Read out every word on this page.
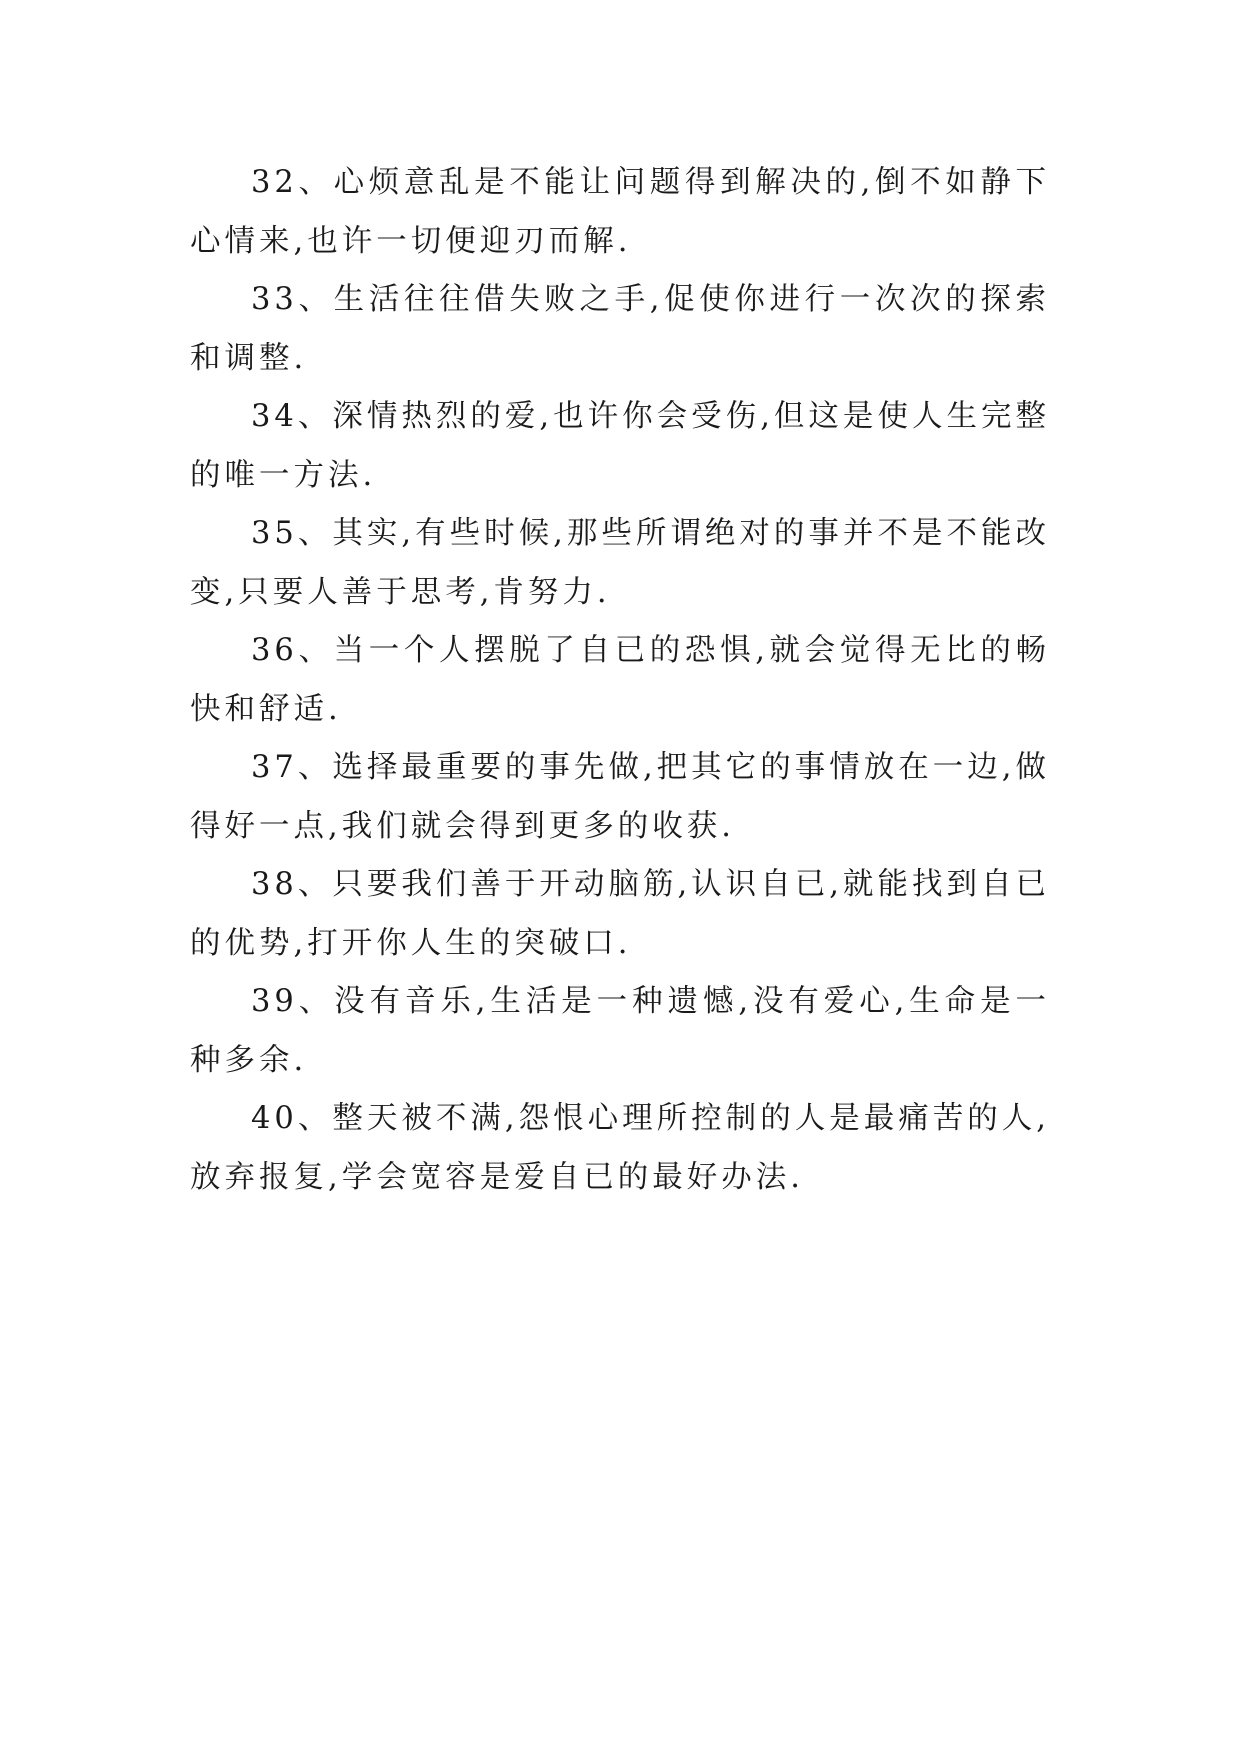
32、心烦意乱是不能让问题得到解决的,倒不如静下心情来,也许一切便迎刃而解.

33、生活往往借失败之手,促使你进行一次次的探索和调整.

34、深情热烈的爱,也许你会受伤,但这是使人生完整的唯一方法.

35、其实,有些时候,那些所谓绝对的事并不是不能改变,只要人善于思考,肯努力.

36、当一个人摆脱了自已的恐惧,就会觉得无比的畅快和舒适.

37、选择最重要的事先做,把其它的事情放在一边,做得好一点,我们就会得到更多的收获.

38、只要我们善于开动脑筋,认识自已,就能找到自已的优势,打开你人生的突破口.

39、没有音乐,生活是一种遗憾,没有爱心,生命是一种多余.

40、整天被不满,怨恨心理所控制的人是最痛苦的人,放弃报复,学会宽容是爱自已的最好办法.
